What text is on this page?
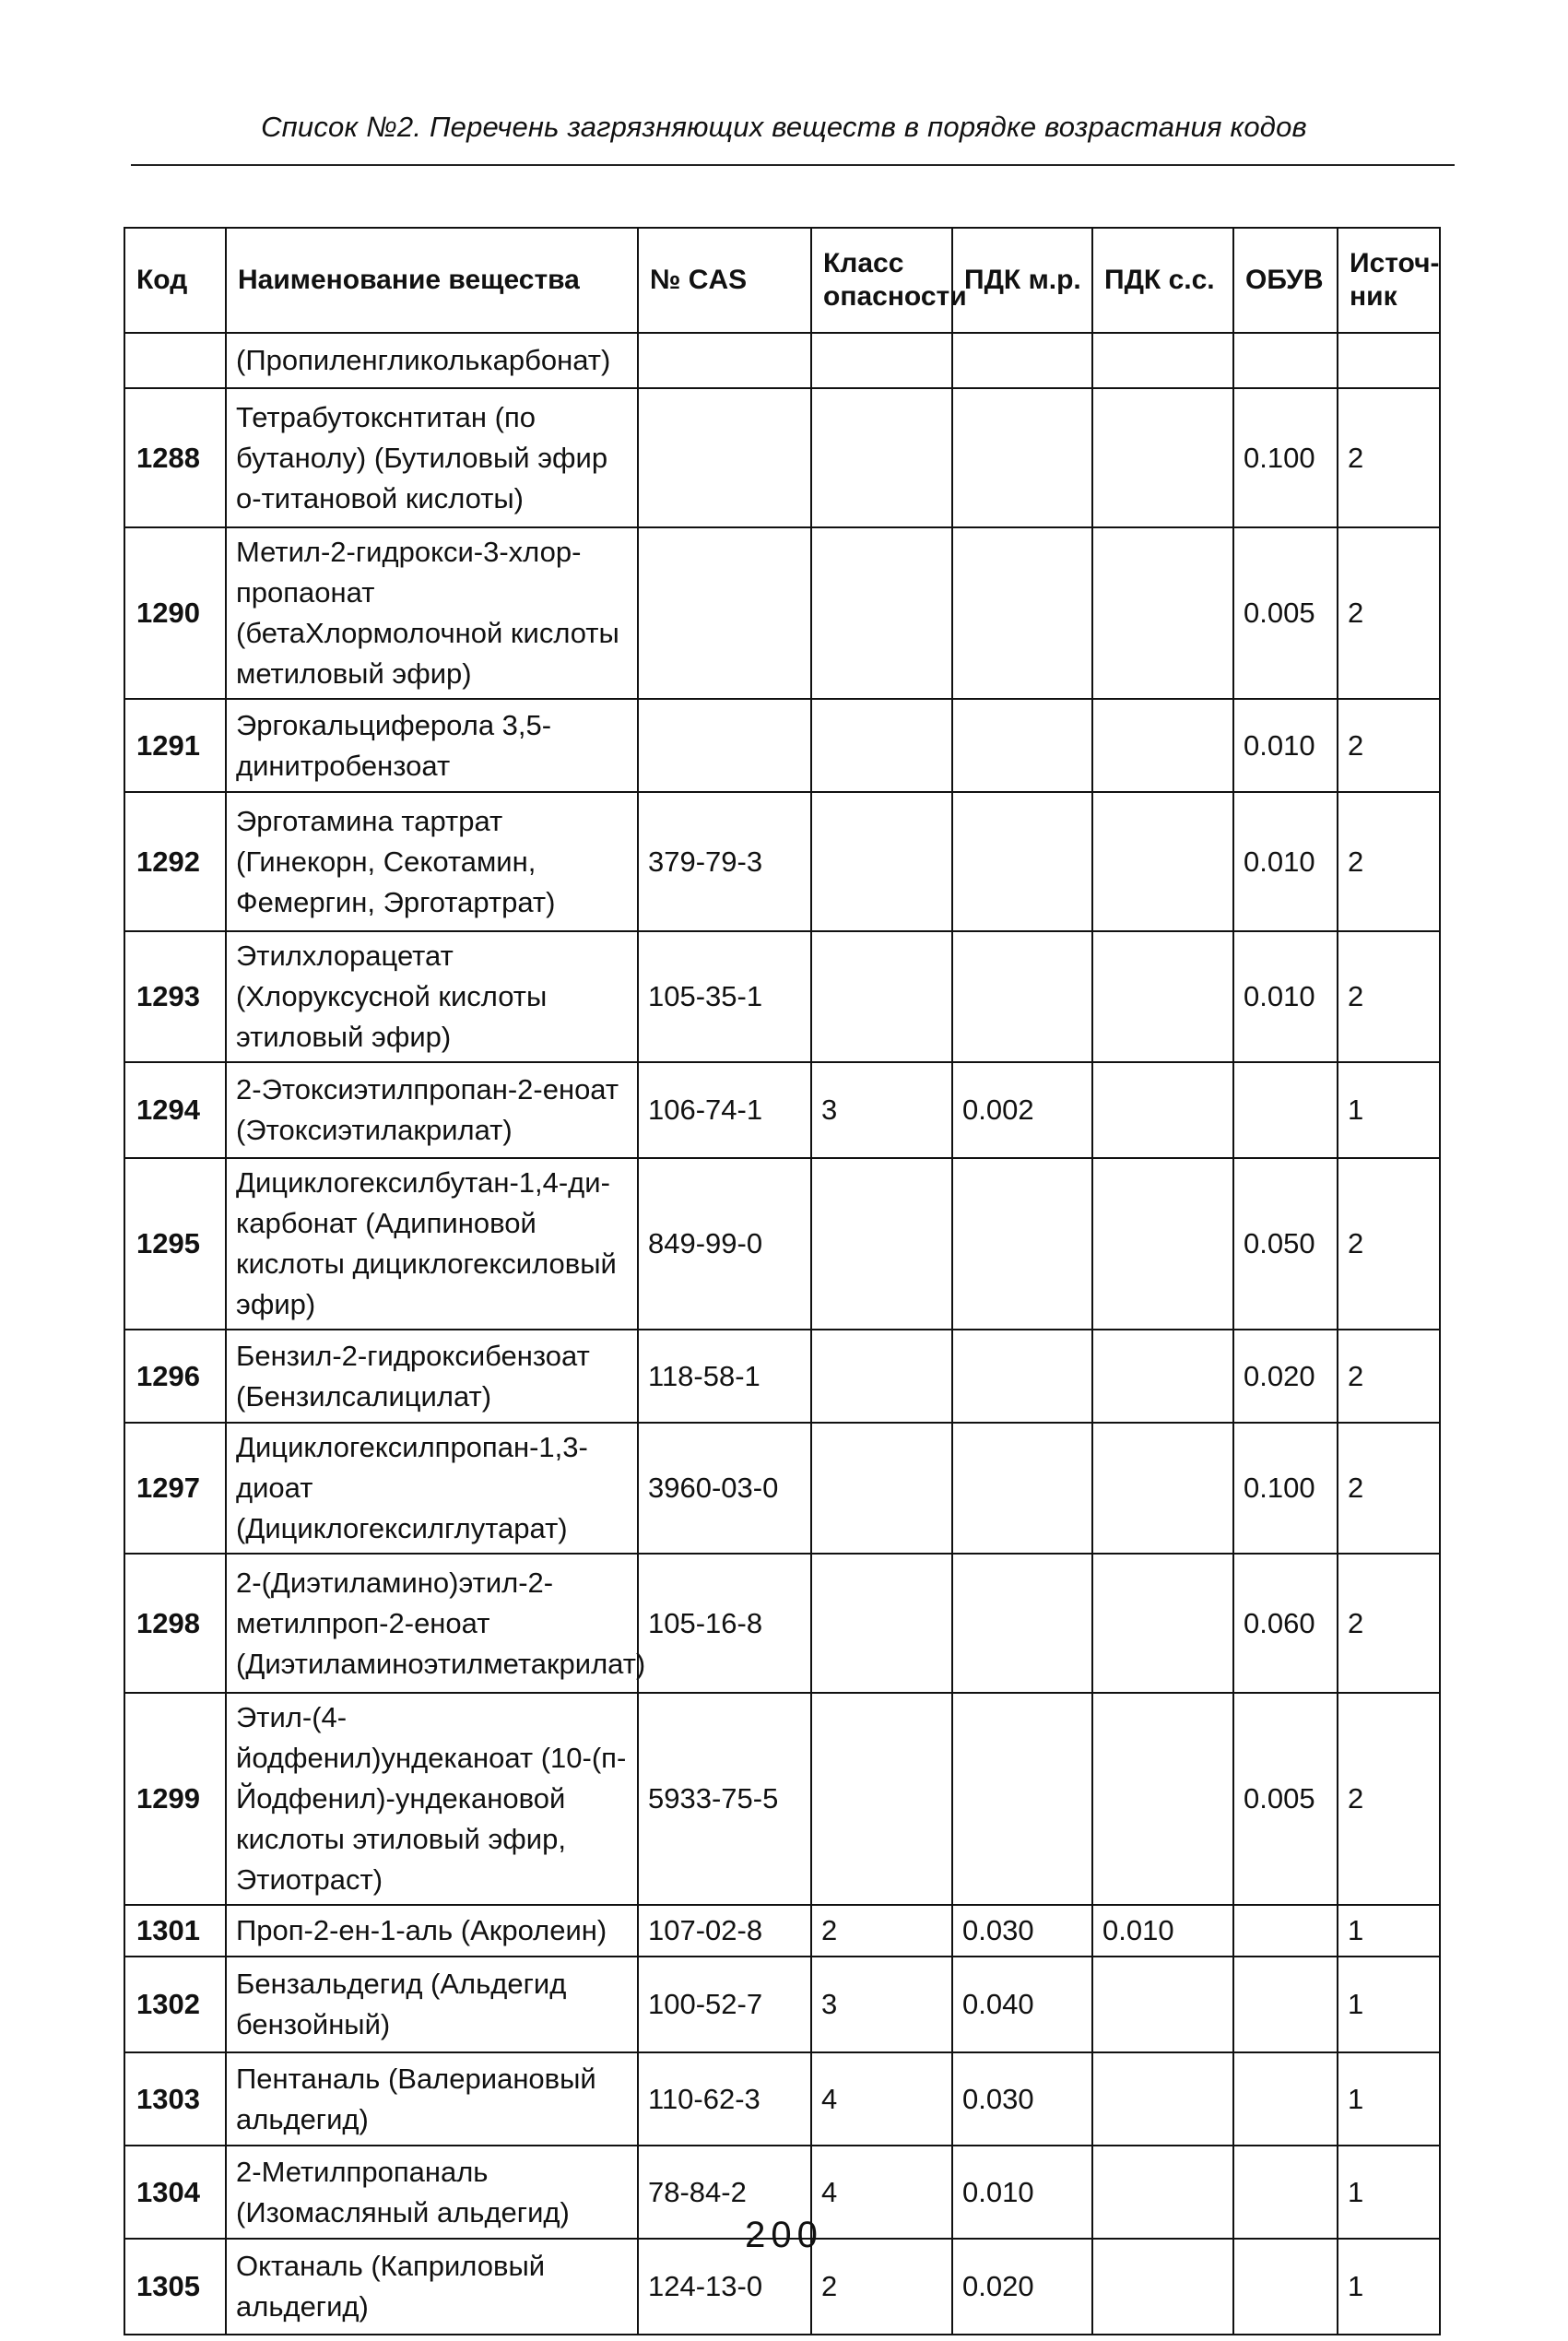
Список №2. Перечень загрязняющих веществ в порядке возрастания кодов
Код	Наименование вещества	№ CAS	Класс опасности	ПДК м.р.	ПДК с.с.	ОБУВ	Источ-ник
	(Пропиленгликолькарбонат)						
1288	Тетрабутокснтитан (по бутанолу) (Бутиловый эфир о-титановой кислоты)					0.100	2
1290	Метил-2-гидрокси-3-хлор-пропаонат (бетаХлормолочной кислоты метиловый эфир)					0.005	2
1291	Эргокальциферола 3,5-динитробензоат					0.010	2
1292	Эрготамина тартрат (Гинекорн, Секотамин, Фемергин, Эрготартрат)	379-79-3				0.010	2
1293	Этилхлорацетат (Хлоруксусной кислоты этиловый эфир)	105-35-1				0.010	2
1294	2-Этоксиэтилпропан-2-еноат (Этоксиэтилакрилат)	106-74-1	3	0.002			1
1295	Дициклогексилбутан-1,4-ди-карбонат (Адипиновой кислоты дициклогексиловый эфир)	849-99-0				0.050	2
1296	Бензил-2-гидроксибензоат (Бензилсалицилат)	118-58-1				0.020	2
1297	Дициклогексилпропан-1,3-диоат (Дициклогексилглутарат)	3960-03-0				0.100	2
1298	2-(Диэтиламино)этил-2-метилпроп-2-еноат (Диэтиламиноэтилметакрилат)	105-16-8				0.060	2
1299	Этил-(4-йодфенил)ундеканоат (10-(п-Йодфенил)-ундекановой кислоты этиловый эфир, Этиотраст)	5933-75-5				0.005	2
1301	Проп-2-ен-1-аль (Акролеин)	107-02-8	2	0.030	0.010		1
1302	Бензальдегид (Альдегид бензойный)	100-52-7	3	0.040			1
1303	Пентаналь (Валериановый альдегид)	110-62-3	4	0.030			1
1304	2-Метилпропаналь (Изомасляный альдегид)	78-84-2	4	0.010			1
1305	Октаналь (Каприловый альдегид)	124-13-0	2	0.020			1
200
